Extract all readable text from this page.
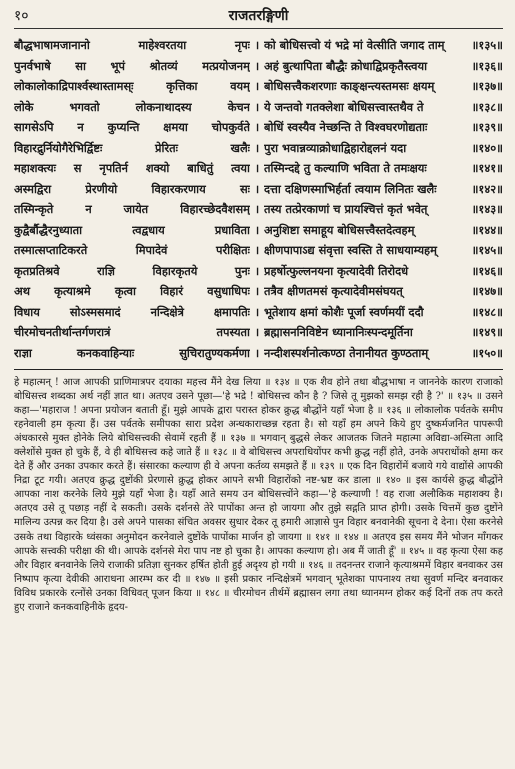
१०	राजतरङ्गिणी
बौद्धभाषामजानानो	माहेश्वरतया	नृपः । को बोधिसत्त्वो यं भद्रे मां वेत्सीति जगाद ताम्	॥१३५॥
पुनर्वभाषे सा भूपं श्रोतव्यं मत्प्रयोजनम् । अहं बुत्थापिता बौद्धैः क्रोधाद्विप्रकृतैस्त्वया	॥१३६॥
लोकालोकाद्रिपार्श्वस्थास्तामस्ः	कृत्तिका	वयम् । बोधिसत्त्वैकशरणाः काङ्क्षन्त्यस्तमसः क्षयम्	॥१३७॥
लोके	भगवतो	लोकनाथादस्य	केचन । ये जन्तवो गतक्लेशा बोधिसत्त्वास्तथैव ते	॥१३८॥
सागसेऽपि न कुप्यन्ति क्षमया चोपकुर्वते । बोधिं स्वस्यैव नेच्छन्ति ते विश्वघरणोद्यताः	॥१३९॥
विहारद्रुर्नियोगैरेभिर्द्विष्टः	प्रेरितः	खलैः । पुरा भवान्नव्याक्रोधाद्विहारोद्दलनं यदा	॥१४०॥
महाशक्त्यः स नृपतिर्न शक्यो बाधितुं त्वया । तस्मिन्दद्दे तु कल्याणि भविता ते तमःक्षयः	॥१४१॥
अस्मद्विरा	प्रेरणीयो	विहारकरणाय	सः । दत्ता दक्षिणस्माभिर्हर्ता त्वयाम लिनितः खलैः	॥१४२॥
तस्मिन्कृते	न	जायेत	विहारच्छेदवैशसम् । तस्य तत्प्रेरकाणां च प्रायश्चित्तं कृतं भवेत्	॥१४३॥
कुद्वैर्बौद्धैरनुध्याता	त्वद्वधाय	प्रधाविता । अनुशिष्टा समाहूय बोधिसत्त्वैस्तदेत्वहम्	॥१४४॥
तस्मात्सप्ताटिकरते	मिपादेवं	परीक्षितः । क्षीणपापाऽद्य संवृत्ता स्वस्ति ते साधयाम्यहम्	॥१४५॥
कृतप्रतिश्रवे	राज्ञि	विहारकृतये	पुनः । प्रहर्षोत्फुल्लनयना कृत्यादेवी तिरोदधे	॥१४६॥
अथ कृत्याश्रमे कृत्वा विहारं वसुधाधिपः । तत्रैव क्षीणतमसं कृत्यादेवीमसंघयत्	॥१४७॥
विधाय	सोऽस्मसमादं	नन्दिक्षेत्रे	क्षमापतिः । भूतेशाय क्षमां कोशैः पूर्जा स्वर्णमयीं ददौ	॥१४८॥
चीरमोचनतीर्थान्तर्गणरात्रं	तपस्यता । ब्रह्मासननिविष्टेन ध्यानानिःस्पन्दमूर्तिना	॥१४९॥
राज्ञा	कनकवाहिन्याः	सुचिरातुण्यकर्मणा । नन्दीशस्पर्शनोत्कण्ठा तेनानीयत कुण्ठताम्	॥१५०॥
हे महात्मन् ! आज आपकी प्राणिमात्रपर दयाका महत्त्व मैंने देख लिया ॥ १३४ ॥ एक शैव होने तथा बौद्धभाषा न जाननेके कारण राजाको बोधिसत्त्व शब्दका अर्थ नहीं ज्ञात था। अतएव उसने पूछा—'हे भद्रे ! बोधिसत्त्व कौन है ? जिसे तू मुझको समझ रही है ?' ॥ १३५ ॥ उसने कहा—'महाराज ! अपना प्रयोजन बताती हूँ। मुझे आपके द्वारा परास्त होकर क्रुद्ध बौद्धोंने यहाँ भेजा है ॥ १३६ ॥ लोकालोक पर्वतके समीप रहनेवाली हम कृत्या हैं। उस पर्वतके समीपका सारा प्रदेश अन्धकाराच्छन्न रहता है। सो यहाँ हम अपने किये हुए दुष्कर्मजनित पापरूपी अंधकारसे मुक्त होनेके लिये बोधिसत्त्वकी सेवामें रहती हैं ॥ १३७ ॥ भगवान् बुद्धसे लेकर आजतक जितने महात्मा अविद्या-अस्मिता आदि क्लेशोंसे मुक्त हो चुके हैं, वे ही बोधिसत्त्व कहे जाते हैं ॥ १३८ ॥ वे बोधिसत्त्व अपराधियोंपर कभी क्रुद्ध नहीं होते, उनके अपराधोंको क्षमा कर देते हैं और उनका उपकार करते हैं। संसारका कल्याण ही वे अपना कर्तव्य समझते हैं ॥ १३९ ॥ एक दिन विहारोंमें बजाये गये वाद्योंसे आपकी निद्रा टूट गयी। अतएव क्रुद्ध दुष्टोंकी प्रेरणासे क्रुद्ध होकर आपने सभी विहारोंको नष्ट-भ्रष्ट कर डाला ॥ १४० ॥ इस कार्यसे क्रुद्ध बौद्धोंने आपका नाश करनेके लिये मुझे यहाँ भेजा है। यहाँ आते समय उन बोधिसत्त्वोंने कहा—'हे कल्याणी ! वह राजा अलौकिक महाशक्य है। अतएव उसे तू पछाड़ नहीं दे सकती। उसके दर्शनसे तेरे पापोंका अन्त हो जायगा और तुझे सद्गति प्राप्त होगी। उसके चित्तमें कुछ दुष्टोंने मालिन्य उत्पन्न कर दिया है। उसे अपने पासका संचित अवसर सुधार देकर तू हमारी आज्ञासे पुन विहार बनवानेकी सूचना दे देना। ऐसा करनेसे उसके तथा विहारके ध्वंसका अनुमोदन करनेवाले दुष्टोंके पापोंका मार्जन हो जायगा ॥ १४१ ॥ १४४ ॥ अतएव इस समय मैंने भोजन माँगकर आपके सत्त्वकी परीक्षा की थी। आपके दर्शनसे मेरा पाप नष्ट हो चुका है। आपका कल्याण हो। अब मैं जाती हूँ' ॥ १४५ ॥ वह कृत्या ऐसा कह और विहार बनवानेके लिये राजाकी प्रतिज्ञा सुनकर हर्षित होती हुई अदृश्य हो गयी ॥ १४६ ॥ तदनन्तर राजाने कृत्याश्रममें विहार बनवाकर उस निष्पाप कृत्या देवीकी आराधना आरम्भ कर दी ॥ १४७ ॥ इसी प्रकार नन्दिक्षेत्रमें भगवान् भूतेशका पापनाश्य तथा सुवर्ण मन्दिर बनवाकर विविध प्रकारके रत्नोंसे उनका विधिवत् पूजन किया ॥ १४८ ॥ चीरमोचन तीर्थमें ब्रह्मासन लगा तथा ध्यानमग्न होकर कई दिनों तक तप करते हुए राजाने कनकवाहिनीके हृदय-
